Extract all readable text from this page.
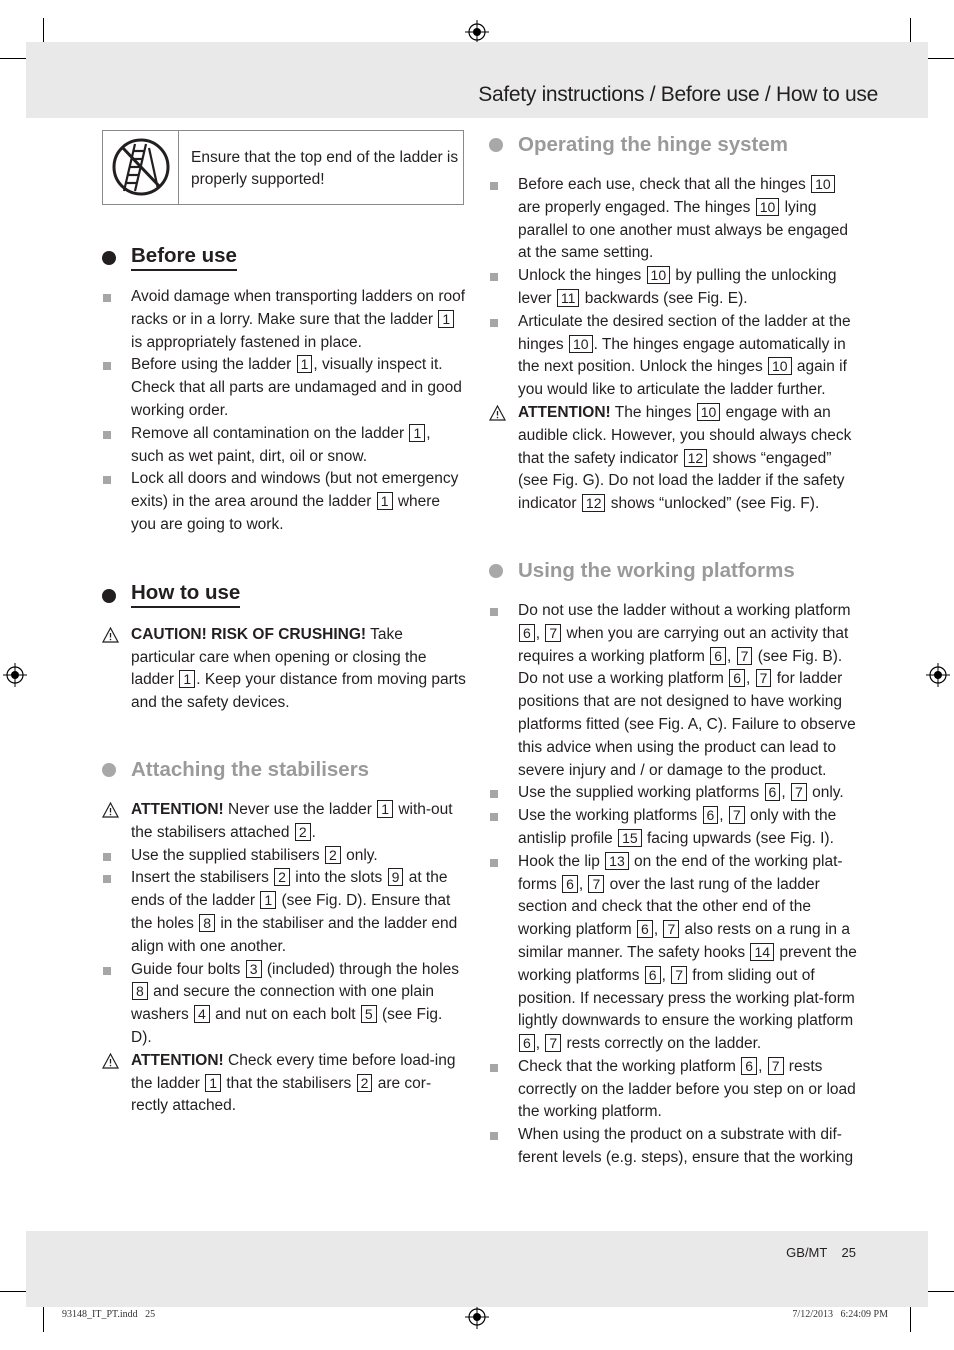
Safety instructions / Before use / How to use
Ensure that the top end of the ladder is properly supported!
Before use
Avoid damage when transporting ladders on roof racks or in a lorry. Make sure that the ladder 1 is appropriately fastened in place.
Before using the ladder 1 , visually inspect it. Check that all parts are undamaged and in good working order.
Remove all contamination on the ladder 1 , such as wet paint, dirt, oil or snow.
Lock all doors and windows (but not emergency exits) in the area around the ladder 1 where you are going to work.
How to use
CAUTION! RISK OF CRUSHING! Take particular care when opening or closing the ladder 1 . Keep your distance from moving parts and the safety devices.
Attaching the stabilisers
ATTENTION! Never use the ladder 1 with-out the stabilisers attached 2 .
Use the supplied stabilisers 2 only.
Insert the stabilisers 2 into the slots 9 at the ends of the ladder 1 (see Fig. D). Ensure that the holes 8 in the stabiliser and the ladder end align with one another.
Guide four bolts 3 (included) through the holes 8 and secure the connection with one plain washers 4 and nut on each bolt 5 (see Fig. D).
ATTENTION! Check every time before load-ing the ladder 1 that the stabilisers 2 are cor-rectly attached.
Operating the hinge system
Before each use, check that all the hinges 10 are properly engaged. The hinges 10 lying parallel to one another must always be engaged at the same setting.
Unlock the hinges 10 by pulling the unlocking lever 11 backwards (see Fig. E).
Articulate the desired section of the ladder at the hinges 10 . The hinges engage automatically in the next position. Unlock the hinges 10 again if you would like to articulate the ladder further.
ATTENTION! The hinges 10 engage with an audible click. However, you should always check that the safety indicator 12 shows “engaged” (see Fig. G). Do not load the ladder if the safety indicator 12 shows “unlocked” (see Fig. F).
Using the working platforms
Do not use the ladder without a working platform 6 , 7 when you are carrying out an activity that requires a working platform 6 , 7 (see Fig. B). Do not use a working platform 6 , 7 for ladder positions that are not designed to have working platforms fitted (see Fig. A, C). Failure to observe this advice when using the product can lead to severe injury and / or damage to the product.
Use the supplied working platforms 6 , 7 only.
Use the working platforms 6 , 7 only with the antislip profile 15 facing upwards (see Fig. I).
Hook the lip 13 on the end of the working plat-forms 6 , 7 over the last rung of the ladder section and check that the other end of the working platform 6 , 7 also rests on a rung in a similar manner. The safety hooks 14 prevent the working platforms 6 , 7 from sliding out of position. If necessary press the working plat-form lightly downwards to ensure the working platform 6 , 7 rests correctly on the ladder.
Check that the working platform 6 , 7 rests correctly on the ladder before you step on or load the working platform.
When using the product on a substrate with dif-ferent levels (e.g. steps), ensure that the working
GB/MT    25
93148_IT_PT.indd   25	7/12/2013   6:24:09 PM
